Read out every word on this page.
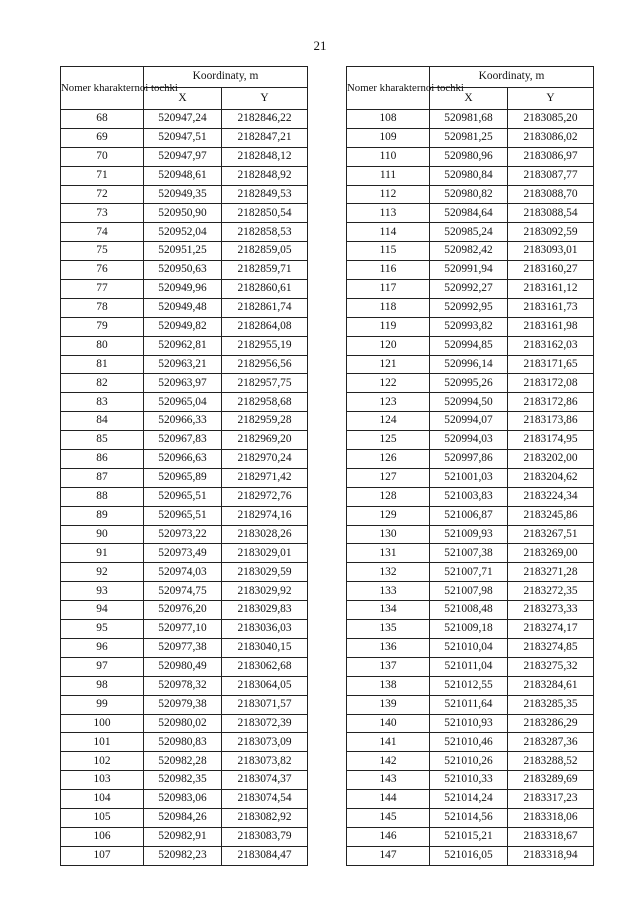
21
Nomer kharakternoi tochki	Koordinaty, m	
	X	Y
68	520947,24	2182846,22
69	520947,51	2182847,21
70	520947,97	2182848,12
71	520948,61	2182848,92
72	520949,35	2182849,53
73	520950,90	2182850,54
74	520952,04	2182858,53
75	520951,25	2182859,05
76	520950,63	2182859,71
77	520949,96	2182860,61
78	520949,48	2182861,74
79	520949,82	2182864,08
80	520962,81	2182955,19
81	520963,21	2182956,56
82	520963,97	2182957,75
83	520965,04	2182958,68
84	520966,33	2182959,28
85	520967,83	2182969,20
86	520966,63	2182970,24
87	520965,89	2182971,42
88	520965,51	2182972,76
89	520965,51	2182974,16
90	520973,22	2183028,26
91	520973,49	2183029,01
92	520974,03	2183029,59
93	520974,75	2183029,92
94	520976,20	2183029,83
95	520977,10	2183036,03
96	520977,38	2183040,15
97	520980,49	2183062,68
98	520978,32	2183064,05
99	520979,38	2183071,57
100	520980,02	2183072,39
101	520980,83	2183073,09
102	520982,28	2183073,82
103	520982,35	2183074,37
104	520983,06	2183074,54
105	520984,26	2183082,92
106	520982,91	2183083,79
107	520982,23	2183084,47
Nomer kharakternoi tochki	Koordinaty, m	
	X	Y
108	520981,68	2183085,20
109	520981,25	2183086,02
110	520980,96	2183086,97
111	520980,84	2183087,77
112	520980,82	2183088,70
113	520984,64	2183088,54
114	520985,24	2183092,59
115	520982,42	2183093,01
116	520991,94	2183160,27
117	520992,27	2183161,12
118	520992,95	2183161,73
119	520993,82	2183161,98
120	520994,85	2183162,03
121	520996,14	2183171,65
122	520995,26	2183172,08
123	520994,50	2183172,86
124	520994,07	2183173,86
125	520994,03	2183174,95
126	520997,86	2183202,00
127	521001,03	2183204,62
128	521003,83	2183224,34
129	521006,87	2183245,86
130	521009,93	2183267,51
131	521007,38	2183269,00
132	521007,71	2183271,28
133	521007,98	2183272,35
134	521008,48	2183273,33
135	521009,18	2183274,17
136	521010,04	2183274,85
137	521011,04	2183275,32
138	521012,55	2183284,61
139	521011,64	2183285,35
140	521010,93	2183286,29
141	521010,46	2183287,36
142	521010,26	2183288,52
143	521010,33	2183289,69
144	521014,24	2183317,23
145	521014,56	2183318,06
146	521015,21	2183318,67
147	521016,05	2183318,94
